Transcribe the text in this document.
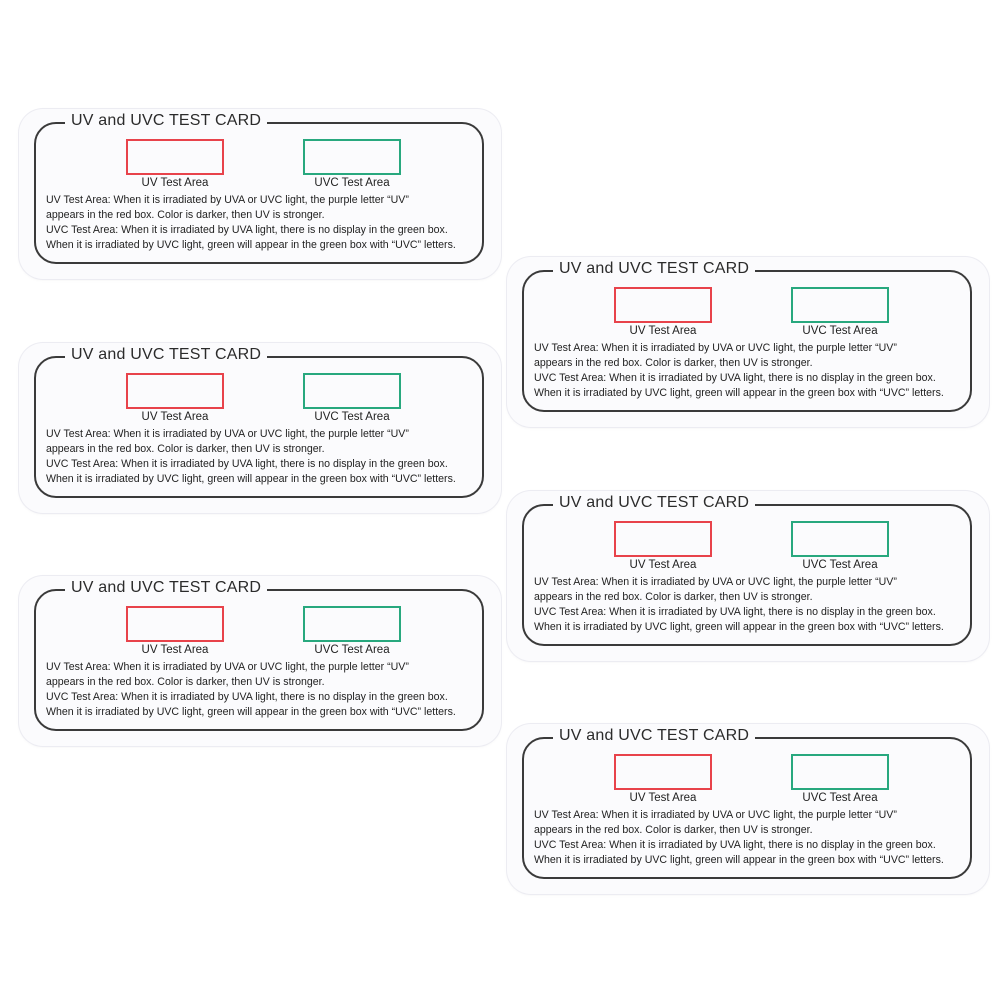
UV and UVC TEST CARD
UV Test Area	UVC Test Area
UV Test Area: When it is irradiated by UVA or UVC light, the purple letter “UV”
appears in the red box. Color is darker, then UV is stronger.
UVC Test Area: When it is irradiated by UVA light, there is no display in the green box.
When it is irradiated by UVC light, green will appear in the green box with “UVC” letters.
UV and UVC TEST CARD
UV Test Area	UVC Test Area
UV Test Area: When it is irradiated by UVA or UVC light, the purple letter “UV”
appears in the red box. Color is darker, then UV is stronger.
UVC Test Area: When it is irradiated by UVA light, there is no display in the green box.
When it is irradiated by UVC light, green will appear in the green box with “UVC” letters.
UV and UVC TEST CARD
UV Test Area	UVC Test Area
UV Test Area: When it is irradiated by UVA or UVC light, the purple letter “UV”
appears in the red box. Color is darker, then UV is stronger.
UVC Test Area: When it is irradiated by UVA light, there is no display in the green box.
When it is irradiated by UVC light, green will appear in the green box with “UVC” letters.
UV and UVC TEST CARD
UV Test Area	UVC Test Area
UV Test Area: When it is irradiated by UVA or UVC light, the purple letter “UV”
appears in the red box. Color is darker, then UV is stronger.
UVC Test Area: When it is irradiated by UVA light, there is no display in the green box.
When it is irradiated by UVC light, green will appear in the green box with “UVC” letters.
UV and UVC TEST CARD
UV Test Area	UVC Test Area
UV Test Area: When it is irradiated by UVA or UVC light, the purple letter “UV”
appears in the red box. Color is darker, then UV is stronger.
UVC Test Area: When it is irradiated by UVA light, there is no display in the green box.
When it is irradiated by UVC light, green will appear in the green box with “UVC” letters.
UV and UVC TEST CARD
UV Test Area	UVC Test Area
UV Test Area: When it is irradiated by UVA or UVC light, the purple letter “UV”
appears in the red box. Color is darker, then UV is stronger.
UVC Test Area: When it is irradiated by UVA light, there is no display in the green box.
When it is irradiated by UVC light, green will appear in the green box with “UVC” letters.
